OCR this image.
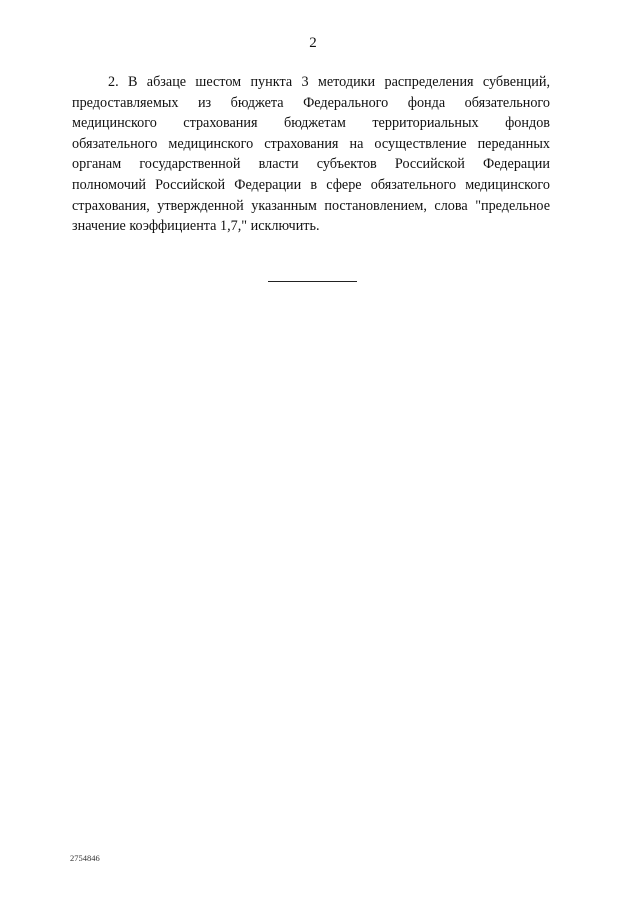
2
2. В абзаце шестом пункта 3 методики распределения субвенций,
предоставляемых из бюджета Федерального фонда обязательного
медицинского страхования бюджетам территориальных фондов
обязательного медицинского страхования на осуществление переданных
органам государственной власти субъектов Российской Федерации
полномочий Российской Федерации в сфере обязательного медицинского
страхования, утвержденной указанным постановлением, слова "предельное
значение коэффициента 1,7," исключить.
2754846
